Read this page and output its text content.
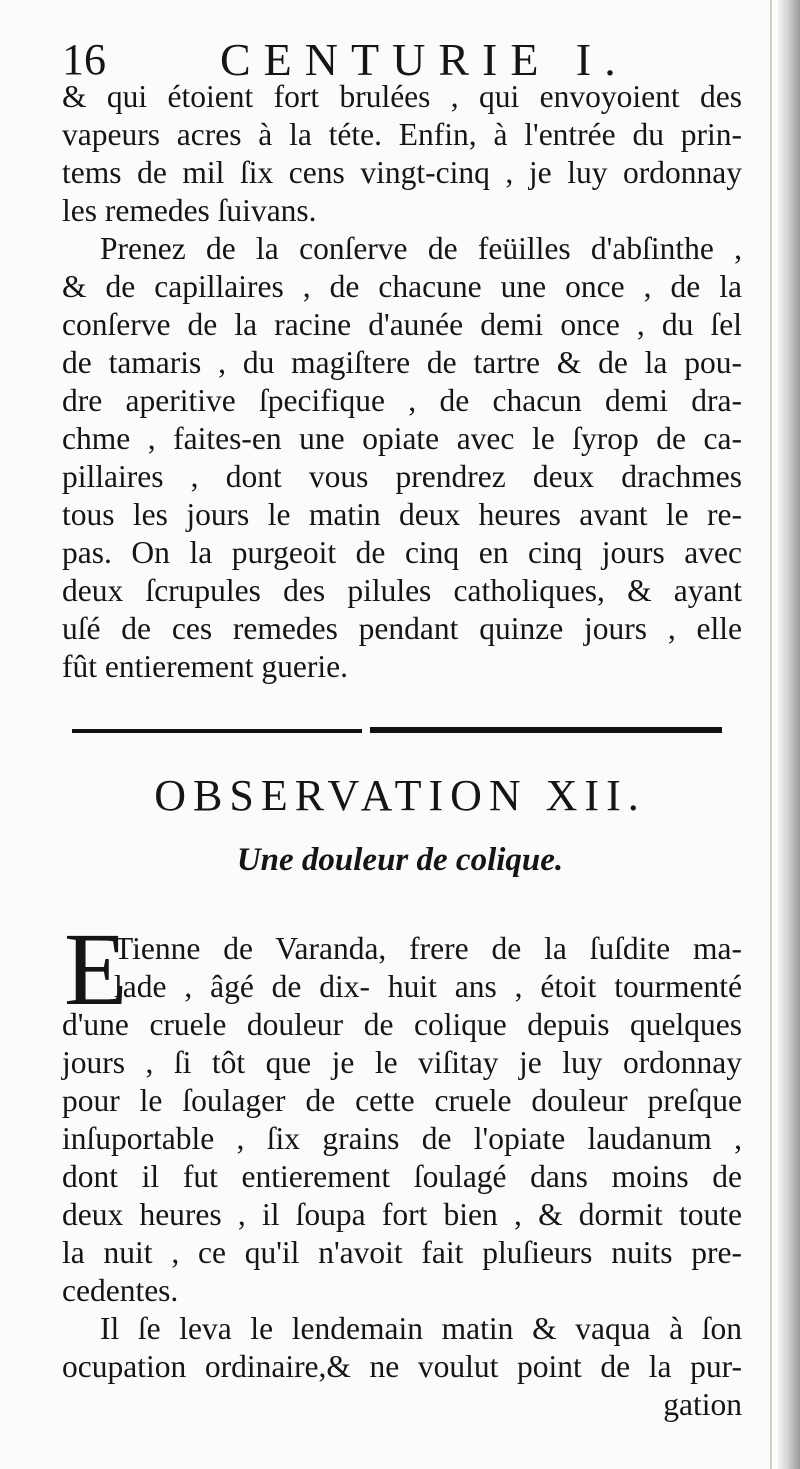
16 CENTURIE I.
& qui étoient fort brulées , qui envoyoient des
vapeurs acres à la téte. Enfin, à l'entrée du prin-
tems de mil ſix cens vingt-cinq , je luy ordonnay
les remedes ſuivans.
Prenez de la conſerve de feüilles d'abſinthe ,
& de capillaires , de chacune une once , de la
conſerve de la racine d'aunée demi once , du ſel
de tamaris , du magiſtere de tartre & de la pou-
dre aperitive ſpecifique , de chacun demi dra-
chme , faites-en une opiate avec le ſyrop de ca-
pillaires , dont vous prendrez deux drachmes
tous les jours le matin deux heures avant le re-
pas. On la purgeoit de cinq en cinq jours avec
deux ſcrupules des pilules catholiques, & ayant
uſé de ces remedes pendant quinze jours , elle
fût entierement guerie.
OBSERVATION XII.
Une douleur de colique.
E
Tienne de Varanda, frere de la ſuſdite ma-
lade , âgé de dix- huit ans , étoit tourmenté
d'une cruele douleur de colique depuis quelques
jours , ſi tôt que je le viſitay je luy ordonnay
pour le ſoulager de cette cruele douleur preſque
inſuportable , ſix grains de l'opiate laudanum ,
dont il fut entierement ſoulagé dans moins de
deux heures , il ſoupa fort bien , & dormit toute
la nuit , ce qu'il n'avoit fait pluſieurs nuits pre-
cedentes.
Il ſe leva le lendemain matin & vaqua à ſon
ocupation ordinaire,& ne voulut point de la pur-
gation
